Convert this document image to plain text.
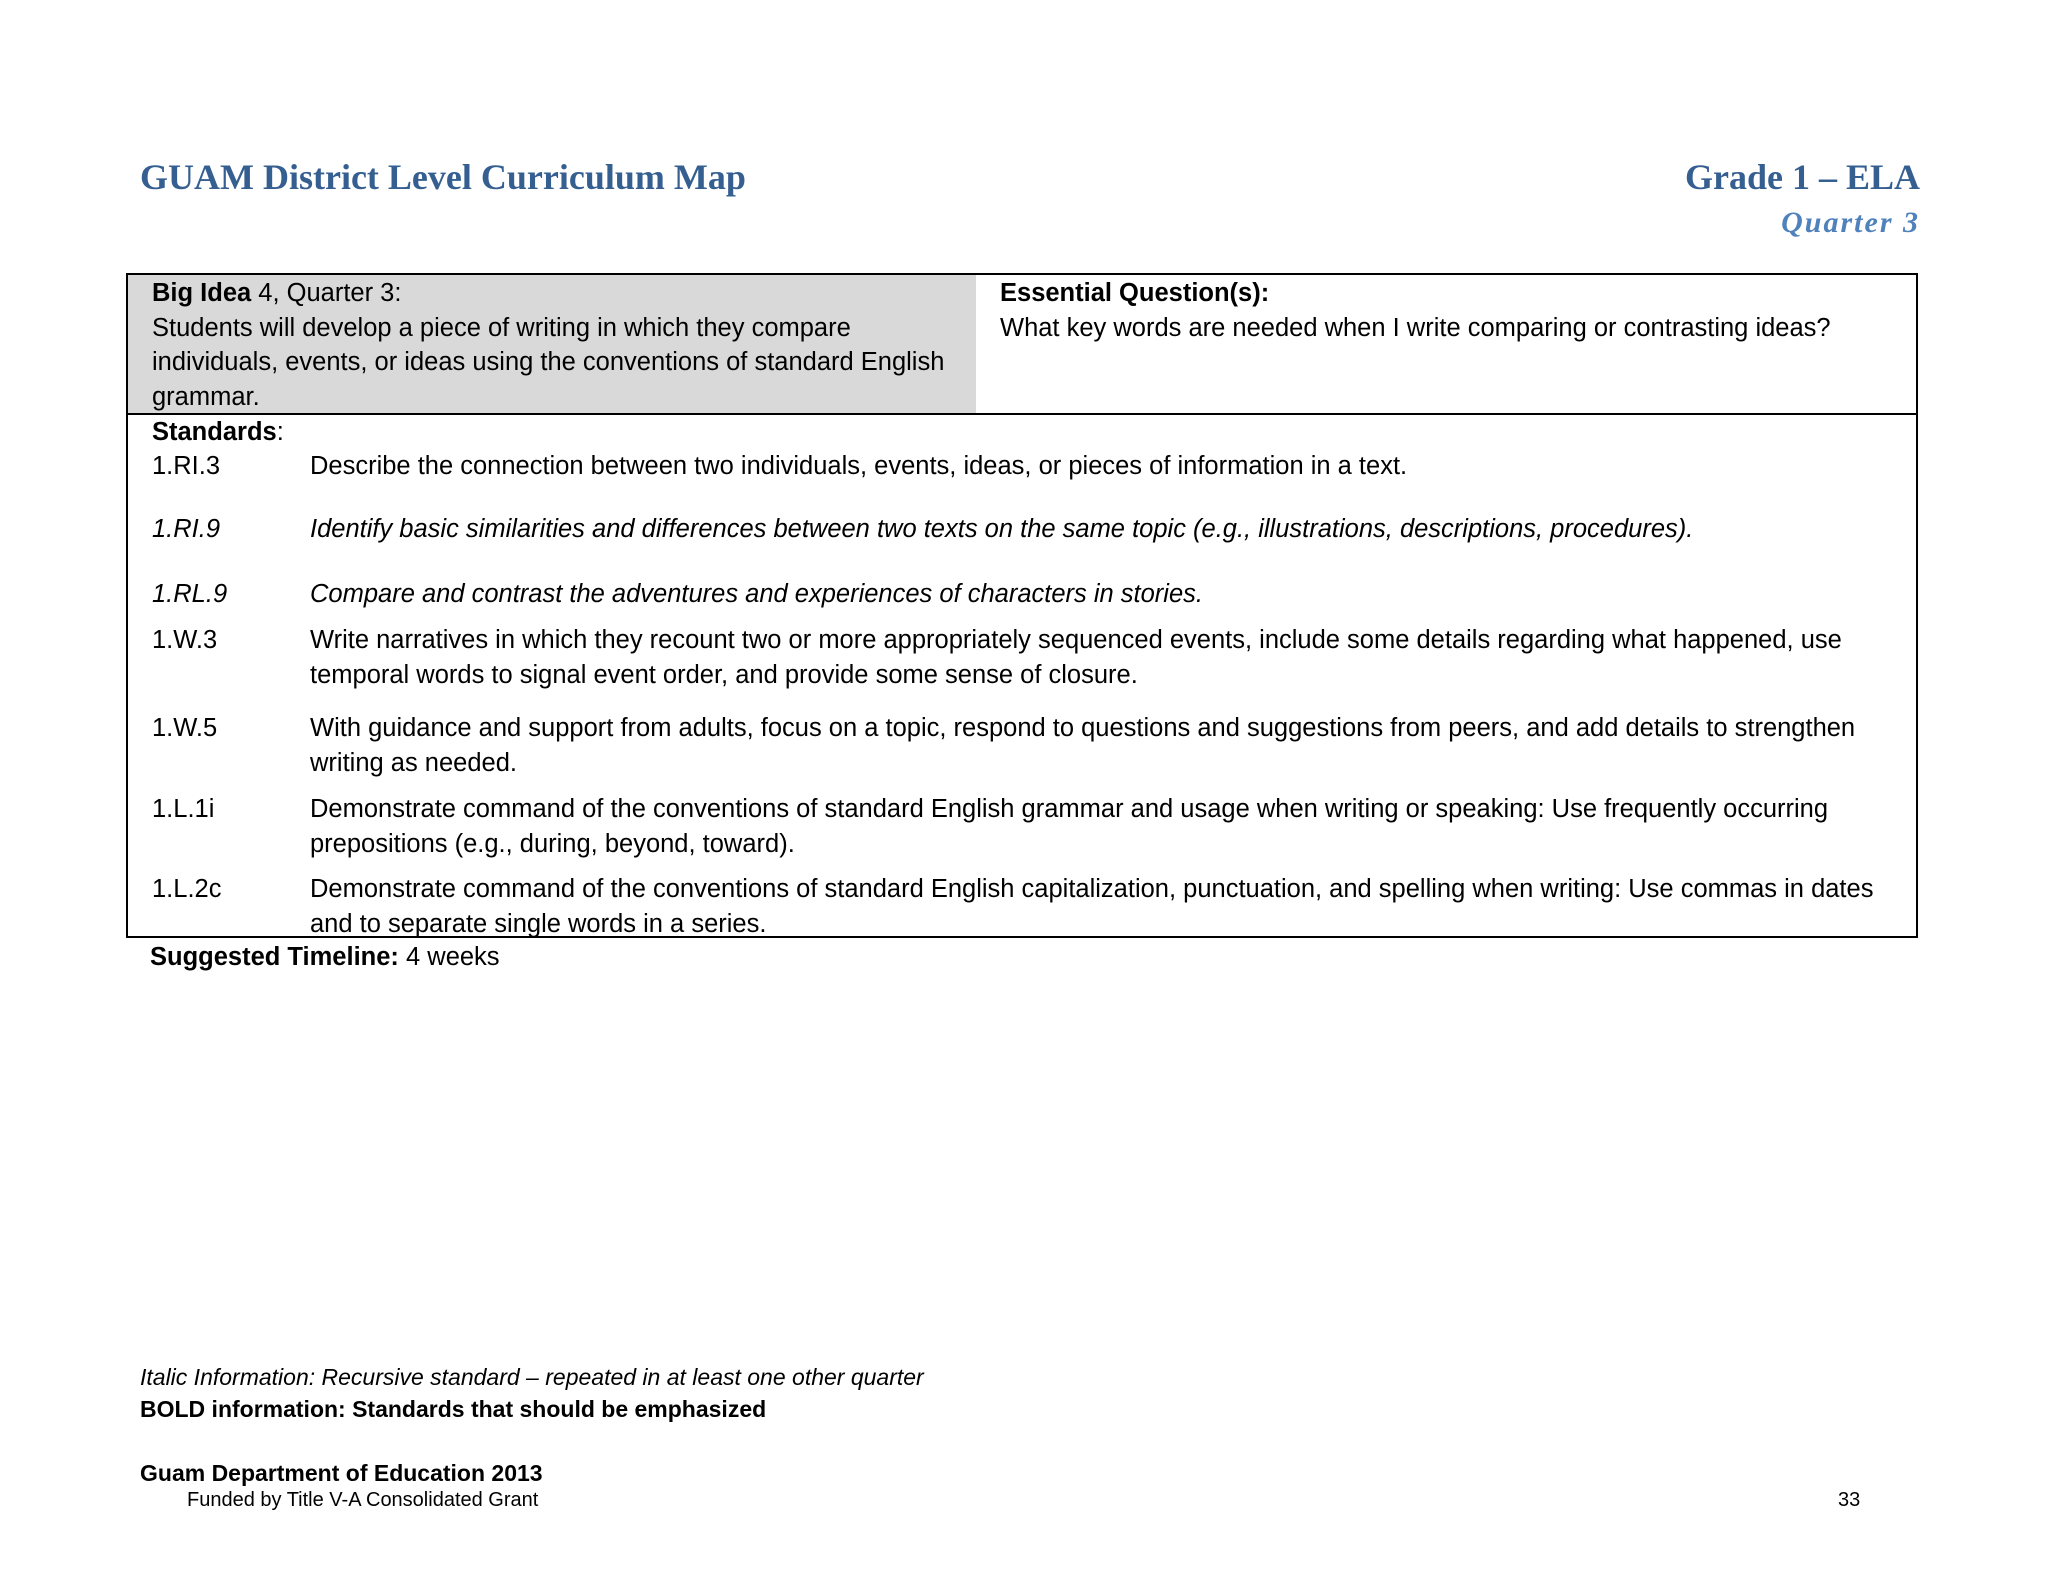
GUAM District Level Curriculum Map	Grade 1 – ELA
Quarter 3
Big Idea 4, Quarter 3:
Students will develop a piece of writing in which they compare individuals, events, or ideas using the conventions of standard English grammar.
Essential Question(s):
What key words are needed when I write comparing or contrasting ideas?
Standards:
1.RI.3	Describe the connection between two individuals, events, ideas, or pieces of information in a text.
1.RI.9	Identify basic similarities and differences between two texts on the same topic (e.g., illustrations, descriptions, procedures).
1.RL.9	Compare and contrast the adventures and experiences of characters in stories.
1.W.3	Write narratives in which they recount two or more appropriately sequenced events, include some details regarding what happened, use temporal words to signal event order, and provide some sense of closure.
1.W.5	With guidance and support from adults, focus on a topic, respond to questions and suggestions from peers, and add details to strengthen writing as needed.
1.L.1i	Demonstrate command of the conventions of standard English grammar and usage when writing or speaking: Use frequently occurring prepositions (e.g., during, beyond, toward).
1.L.2c	Demonstrate command of the conventions of standard English capitalization, punctuation, and spelling when writing: Use commas in dates and to separate single words in a series.
Suggested Timeline: 4 weeks
Italic Information: Recursive standard – repeated in at least one other quarter
BOLD information: Standards that should be emphasized
Guam Department of Education 2013
Funded by Title V-A Consolidated Grant	33
